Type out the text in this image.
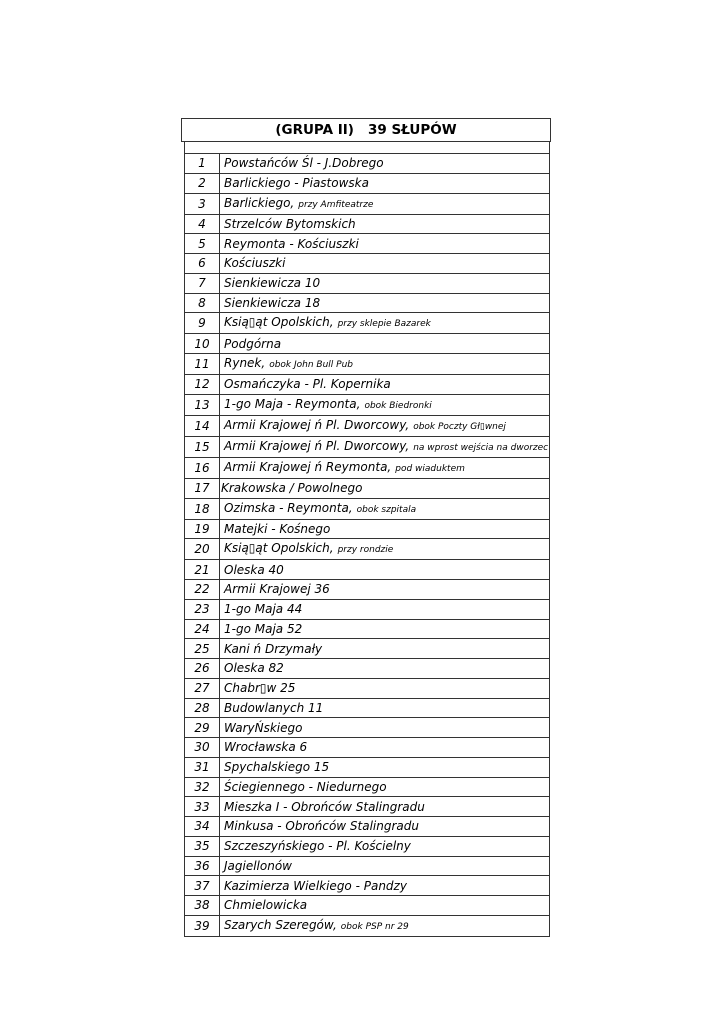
(GRUPA II)   39 SŁUPÓW
1	Powstańców Śl - J.Dobrego
2	Barlickiego - Piastowska
3	Barlickiego, przy Amfiteatrze
4	Strzelców Bytomskich
5	Reymonta - Kościuszki
6	Kościuszki
7	Sienkiewicza 10
8	Sienkiewicza 18
9	Ksią▯ąt Opolskich, przy sklepie Bazarek
10	Podgórna
11	Rynek, obok John Bull Pub
12	Osmańczyka - Pl. Kopernika
13	1-go Maja - Reymonta, obok Biedronki
14	Armii Krajowej ń Pl. Dworcowy, obok Poczty Gł▯wnej
15	Armii Krajowej ń Pl. Dworcowy, na wprost wejścia na dworzec
16	Armii Krajowej ń Reymonta, pod wiaduktem
17	Krakowska / Powolnego
18	Ozimska - Reymonta, obok szpitala
19	Matejki - Kośnego
20	Ksią▯ąt Opolskich, przy rondzie
21	Oleska 40
22	Armii Krajowej 36
23	1-go Maja 44
24	1-go Maja 52
25	Kani ń Drzymały
26	Oleska 82
27	Chabr▯w 25
28	Budowlanych 11
29	WaryŃskiego
30	Wrocławska 6
31	Spychalskiego 15
32	Ściegiennego - Niedurnego
33	Mieszka I - Obrońców Stalingradu
34	Minkusa - Obrońców Stalingradu
35	Szczeszyńskiego - Pl. Kościelny
36	Jagiellonów
37	Kazimierza Wielkiego - Pandzy
38	Chmielowicka
39	Szarych Szeregów, obok PSP nr 29
